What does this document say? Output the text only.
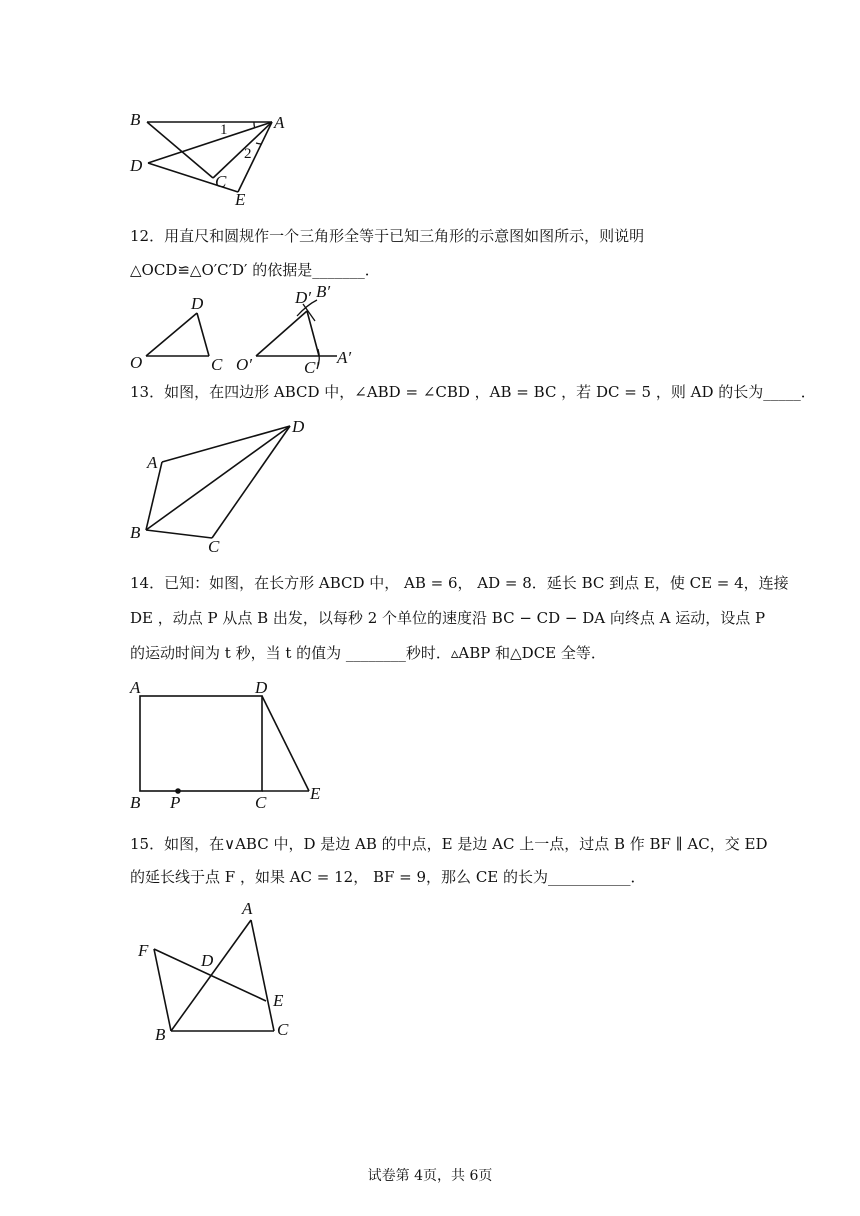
B	A
D
C
E
1
2
12．用直尺和圆规作一个三角形全等于已知三角形的示意图如图所示，则说明
△OCD≌△O′C′D′ 的依据是_______．
O	C
D
O′	C′
D′ B′
A′
13．如图，在四边形 ABCD 中，∠ABD = ∠CBD ，AB = BC ，若 DC = 5 ，则 AD 的长为_____．
A
B
C
D
14．已知：如图，在长方形 ABCD 中， AB = 6， AD = 8．延长 BC 到点 E，使 CE = 4，连接
DE ，动点 P 从点 B 出发，以每秒 2 个单位的速度沿 BC − CD − DA 向终点 A 运动，设点 P
的运动时间为 t 秒，当 t 的值为 ________秒时．▵ABP 和△DCE 全等．
A	D
B P	C	E
15．如图，在∨ABC 中，D 是边 AB 的中点，E 是边 AC 上一点，过点 B 作 BF ∥ AC，交 ED
的延长线于点 F ，如果 AC = 12， BF = 9，那么 CE 的长为___________．
A
F
D
E
B	C
试卷第 4页，共 6页
